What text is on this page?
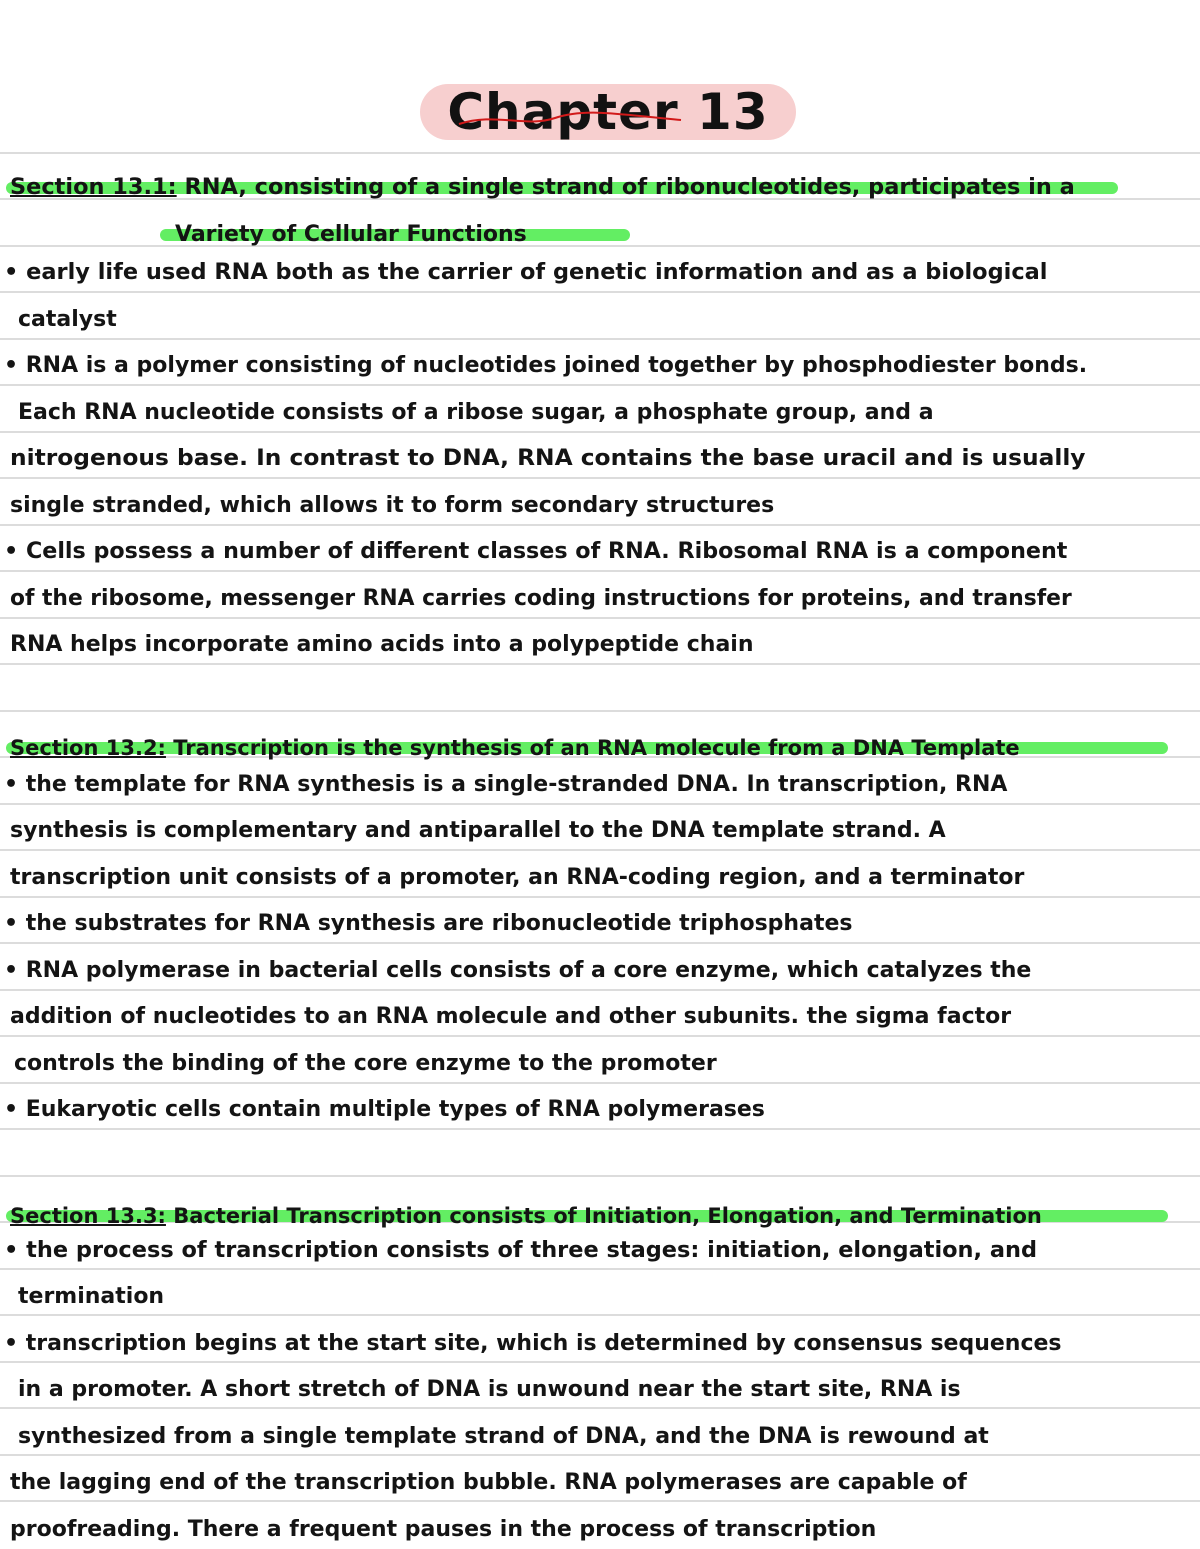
Chapter 13
Section 13.1: RNA, consisting of a single strand of ribonucleotides, participates in a
Variety of Cellular Functions
• early life used RNA both as the carrier of genetic information and as a biological
catalyst
• RNA is a polymer consisting of nucleotides joined together by phosphodiester bonds.
Each RNA nucleotide consists of a ribose sugar, a phosphate group, and a
nitrogenous base. In contrast to DNA, RNA contains the base uracil and is usually
single stranded, which allows it to form secondary structures
• Cells possess a number of different classes of RNA. Ribosomal RNA is a component
of the ribosome, messenger RNA carries coding instructions for proteins, and transfer
RNA helps incorporate amino acids into a polypeptide chain
Section 13.2: Transcription is the synthesis of an RNA molecule from a DNA Template
• the template for RNA synthesis is a single-stranded DNA. In transcription, RNA
synthesis is complementary and antiparallel to the DNA template strand. A
transcription unit consists of a promoter, an RNA-coding region, and a terminator
• the substrates for RNA synthesis are ribonucleotide triphosphates
• RNA polymerase in bacterial cells consists of a core enzyme, which catalyzes the
addition of nucleotides to an RNA molecule and other subunits. the sigma factor
controls the binding of the core enzyme to the promoter
• Eukaryotic cells contain multiple types of RNA polymerases
Section 13.3: Bacterial Transcription consists of Initiation, Elongation, and Termination
• the process of transcription consists of three stages: initiation, elongation, and
termination
• transcription begins at the start site, which is determined by consensus sequences
in a promoter. A short stretch of DNA is unwound near the start site, RNA is
synthesized from a single template strand of DNA, and the DNA is rewound at
the lagging end of the transcription bubble. RNA polymerases are capable of
proofreading. There a frequent pauses in the process of transcription
